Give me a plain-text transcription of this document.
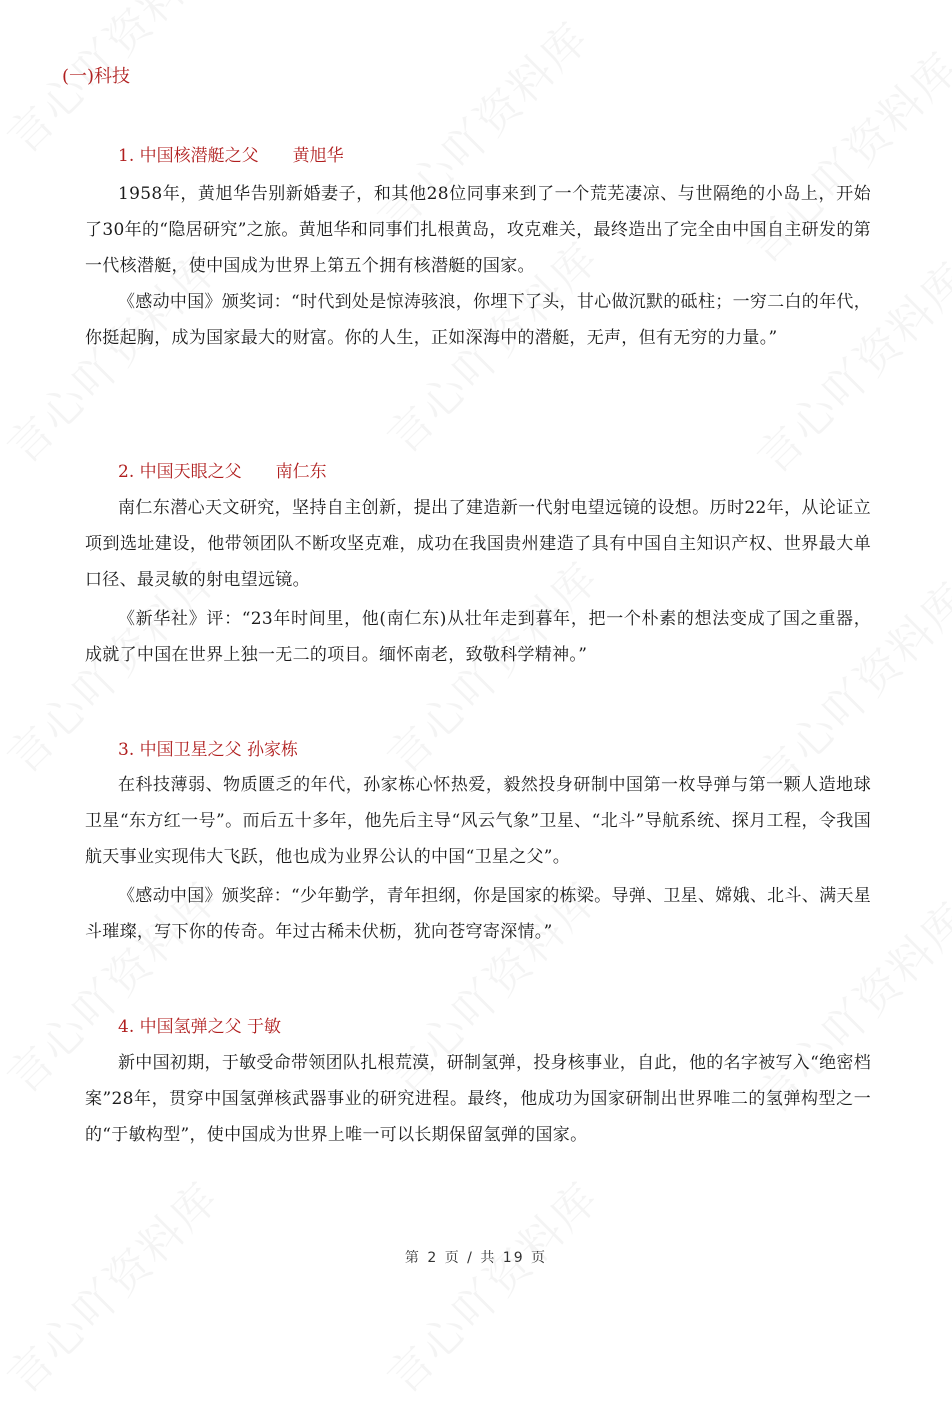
(一)科技
1. 中国核潜艇之父　　黄旭华
1958年，黄旭华告别新婚妻子，和其他28位同事来到了一个荒芜凄凉、与世隔绝的小岛上，开始了30年的“隐居研究”之旅。黄旭华和同事们扎根黄岛，攻克难关，最终造出了完全由中国自主研发的第一代核潜艇，使中国成为世界上第五个拥有核潜艇的国家。
《感动中国》颁奖词：“时代到处是惊涛骇浪，你埋下了头，甘心做沉默的砥柱；一穷二白的年代，你挺起胸，成为国家最大的财富。你的人生，正如深海中的潜艇，无声，但有无穷的力量。”
2. 中国天眼之父　　南仁东
南仁东潜心天文研究，坚持自主创新，提出了建造新一代射电望远镜的设想。历时22年，从论证立项到选址建设，他带领团队不断攻坚克难，成功在我国贵州建造了具有中国自主知识产权、世界最大单口径、最灵敏的射电望远镜。
《新华社》评：“23年时间里，他(南仁东)从壮年走到暮年，把一个朴素的想法变成了国之重器，成就了中国在世界上独一无二的项目。缅怀南老，致敬科学精神。”
3. 中国卫星之父 孙家栋
在科技薄弱、物质匮乏的年代，孙家栋心怀热爱，毅然投身研制中国第一枚导弹与第一颗人造地球卫星“东方红一号”。而后五十多年，他先后主导“风云气象”卫星、“北斗”导航系统、探月工程，令我国航天事业实现伟大飞跃，他也成为业界公认的中国“卫星之父”。
《感动中国》颁奖辞：“少年勤学，青年担纲，你是国家的栋梁。导弹、卫星、嫦娥、北斗、满天星斗璀璨，写下你的传奇。年过古稀未伏枥，犹向苍穹寄深情。”
4. 中国氢弹之父 于敏
新中国初期，于敏受命带领团队扎根荒漠，研制氢弹，投身核事业，自此，他的名字被写入“绝密档案”28年，贯穿中国氢弹核武器事业的研究进程。最终，他成功为国家研制出世界唯二的氢弹构型之一的“于敏构型”，使中国成为世界上唯一可以长期保留氢弹的国家。
第 2 页 / 共 19 页
